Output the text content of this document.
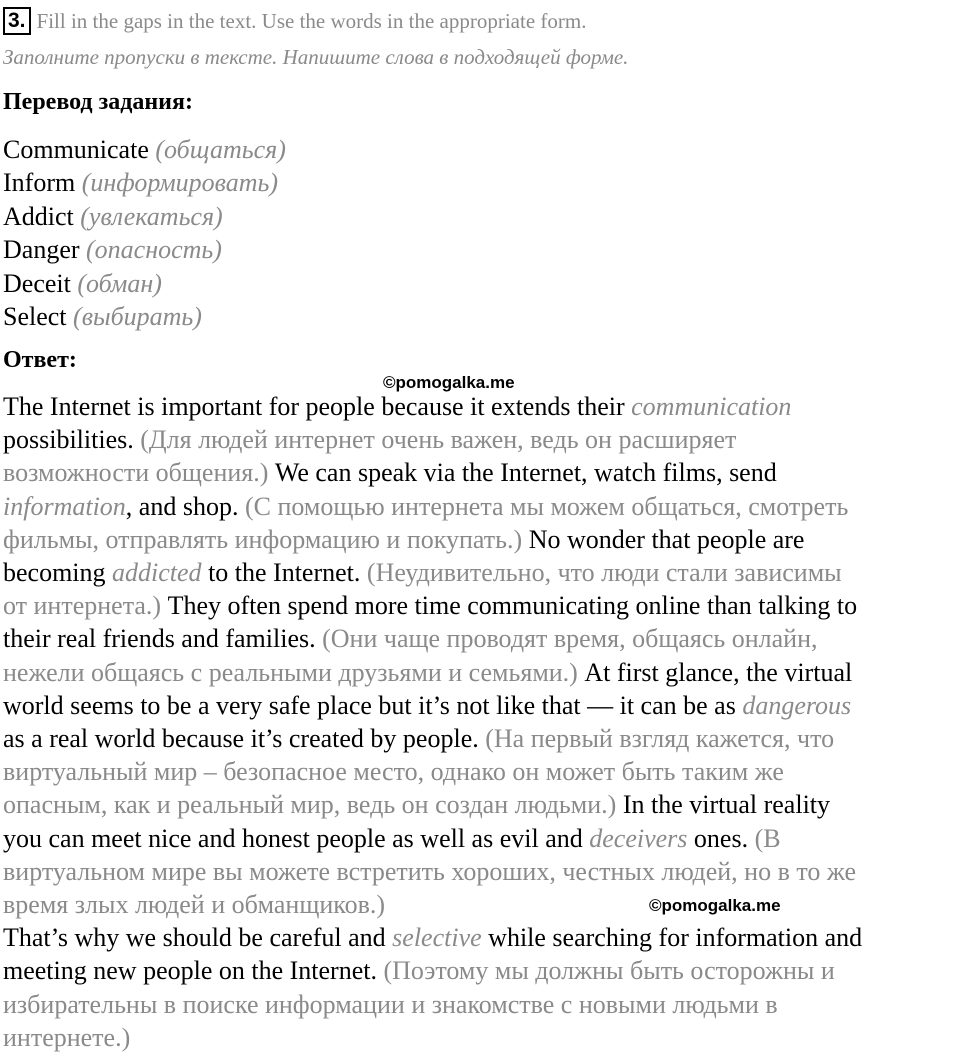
3. Fill in the gaps in the text. Use the words in the appropriate form.
Заполните пропуски в тексте. Напишите слова в подходящей форме.
Перевод задания:
Communicate (общаться)
Inform (информировать)
Addict (увлекаться)
Danger (опасность)
Deceit (обман)
Select (выбирать)
Ответ:
The Internet is important for people because it extends their communication
possibilities. (Для людей интернет очень важен, ведь он расширяет
возможности общения.) We can speak via the Internet, watch films, send
information, and shop. (С помощью интернета мы можем общаться, смотреть
фильмы, отправлять информацию и покупать.) No wonder that people are
becoming addicted to the Internet. (Неудивительно, что люди стали зависимы
от интернета.) They often spend more time communicating online than talking to
their real friends and families. (Они чаще проводят время, общаясь онлайн,
нежели общаясь с реальными друзьями и семьями.) At first glance, the virtual
world seems to be a very safe place but it’s not like that — it can be as dangerous
as a real world because it’s created by people. (На первый взгляд кажется, что
виртуальный мир – безопасное место, однако он может быть таким же
опасным, как и реальный мир, ведь он создан людьми.) In the virtual reality
you can meet nice and honest people as well as evil and deceivers ones. (В
виртуальном мире вы можете встретить хороших, честных людей, но в то же
время злых людей и обманщиков.)
That’s why we should be careful and selective while searching for information and
meeting new people on the Internet. (Поэтому мы должны быть осторожны и
избирательны в поиске информации и знакомстве с новыми людьми в
интернете.)
©pomogalka.me
©pomogalka.me
